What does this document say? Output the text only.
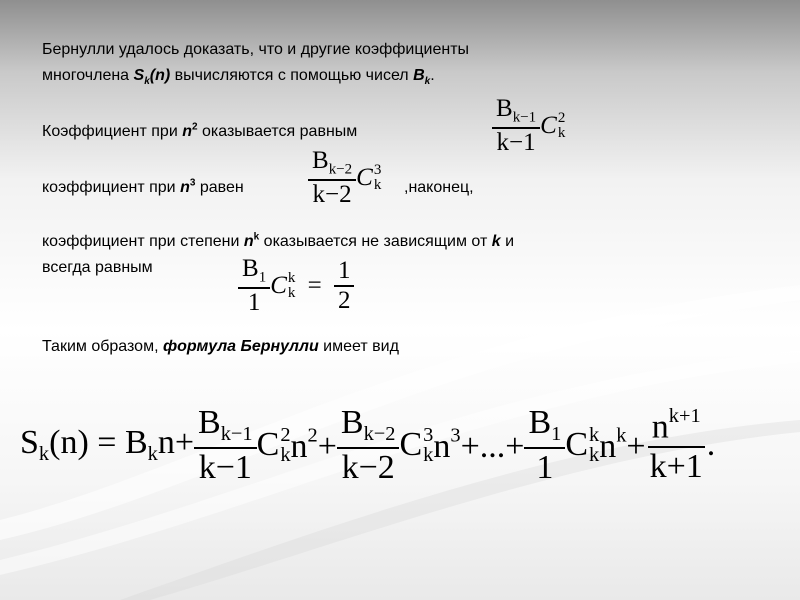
Бернулли удалось доказать, что и другие коэффициенты
многочлена $S_k(n)$ вычисляются с помощью чисел $B_k$.
Коэффициент при $n^2$ оказывается равным	$\frac{B_{k-1}}{k-1}$ C 2
k
коэффициент при $n^3$ равен	$\frac{B_{k-2}}{k-2}$ C 3
k ,наконец,
коэффициент при степени $n^k$ оказывается не зависящим от k и
всегда равным	$\frac{B_1}{1}$ C k
$k = \frac{1}{2}$
Таким образом, формула Бернулли имеет вид
$S_k(n) = B_kn+ \frac{B_{k-1}}{k-1}$ C 2
k $n^2+ \frac{B_{k-2}}{k-2}$ C 3
k $n^3+...+ \frac{B_1}{1}$ C k
k $n^k+ \frac{n^{k+1}}{k+1}$ .
